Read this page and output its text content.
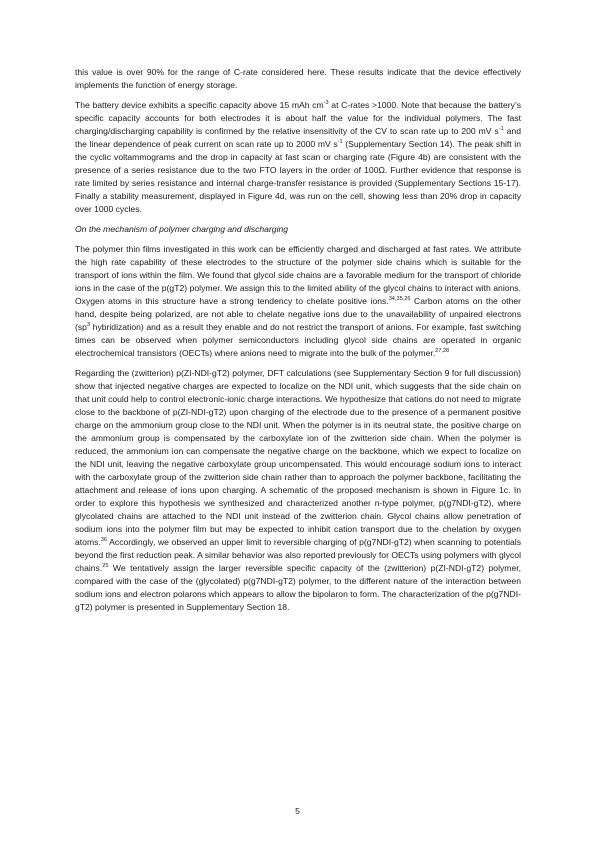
this value is over 90% for the range of C-rate considered here. These results indicate that the device effectively implements the function of energy storage.

The battery device exhibits a specific capacity above 15 mAh $cm^{-3}$ at C-rates >1000. Note that because the battery’s specific capacity accounts for both electrodes it is about half the value for the individual polymers. The fast charging/discharging capability is confirmed by the relative insensitivity of the CV to scan rate up to 200 mV $s^{-1}$ and the linear dependence of peak current on scan rate up to 2000 mV $s^{-1}$ (Supplementary Section 14). The peak shift in the cyclic voltammograms and the drop in capacity at fast scan or charging rate (Figure 4b) are consistent with the presence of a series resistance due to the two FTO layers in the order of 100Ω. Further evidence that response is rate limited by series resistance and internal charge-transfer resistance is provided (Supplementary Sections 15-17). Finally a stability measurement, displayed in Figure 4d, was run on the cell, showing less than 20% drop in capacity over 1000 cycles.

On the mechanism of polymer charging and discharging

The polymer thin films investigated in this work can be efficiently charged and discharged at fast rates. We attribute the high rate capability of these electrodes to the structure of the polymer side chains which is suitable for the transport of ions within the film. We found that glycol side chains are a favorable medium for the transport of chloride ions in the case of the p(gT2) polymer. We assign this to the limited ability of the glycol chains to interact with anions. Oxygen atoms in this structure have a strong tendency to chelate positive ions.$^{34,35,26}$ Carbon atoms on the other hand, despite being polarized, are not able to chelate negative ions due to the unavailability of unpaired electrons ($sp^3$ hybridization) and as a result they enable and do not restrict the transport of anions. For example, fast switching times can be observed when polymer semiconductors including glycol side chains are operated in organic electrochemical transistors (OECTs) where anions need to migrate into the bulk of the polymer.$^{27,28}$

Regarding the (zwitterion) p(ZI-NDI-gT2) polymer, DFT calculations (see Supplementary Section 9 for full discussion) show that injected negative charges are expected to localize on the NDI unit, which suggests that the side chain on that unit could help to control electronic-ionic charge interactions. We hypothesize that cations do not need to migrate close to the backbone of p(ZI-NDI-gT2) upon charging of the electrode due to the presence of a permanent positive charge on the ammonium group close to the NDI unit. When the polymer is in its neutral state, the positive charge on the ammonium group is compensated by the carboxylate ion of the zwitterion side chain. When the polymer is reduced, the ammonium ion can compensate the negative charge on the backbone, which we expect to localize on the NDI unit, leaving the negative carboxylate group uncompensated. This would encourage sodium ions to interact with the carboxylate group of the zwitterion side chain rather than to approach the polymer backbone, facilitating the attachment and release of ions upon charging. A schematic of the proposed mechanism is shown in Figure 1c. In order to explore this hypothesis we synthesized and characterized another n-type polymer, p(g7NDI-gT2), where glycolated chains are attached to the NDI unit instead of the zwitterion chain. Glycol chains allow penetration of sodium ions into the polymer film but may be expected to inhibit cation transport due to the chelation by oxygen atoms.$^{36}$ Accordingly, we observed an upper limit to reversible charging of p(g7NDI-gT2) when scanning to potentials beyond the first reduction peak. A similar behavior was also reported previously for OECTs using polymers with glycol chains.$^{25}$ We tentatively assign the larger reversible specific capacity of the (zwitterion) p(ZI-NDI-gT2) polymer, compared with the case of the (glycolated) p(g7NDI-gT2) polymer, to the different nature of the interaction between sodium ions and electron polarons which appears to allow the bipolaron to form. The characterization of the p(g7NDI-gT2) polymer is presented in Supplementary Section 18.

5
